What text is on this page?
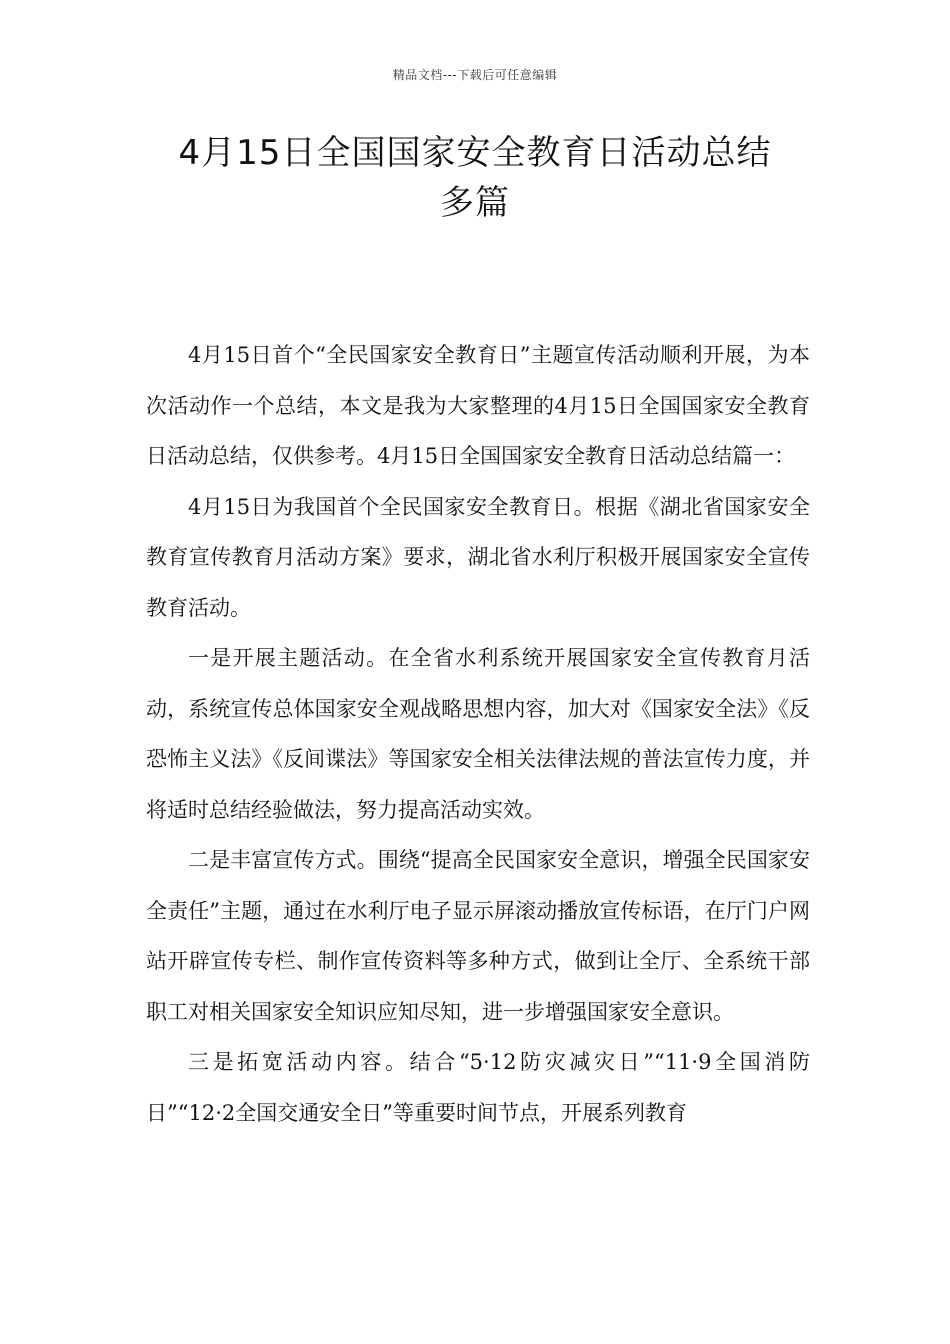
精品文档---下载后可任意编辑
4月15日全国国家安全教育日活动总结
多篇

4月15日首个“全民国家安全教育日”主题宣传活动顺利开展，为本次活动作一个总结，本文是我为大家整理的4月15日全国国家安全教育日活动总结，仅供参考。4月15日全国国家安全教育日活动总结篇一：

4月15日为我国首个全民国家安全教育日。根据《湖北省国家安全教育宣传教育月活动方案》要求，湖北省水利厅积极开展国家安全宣传教育活动。

一是开展主题活动。在全省水利系统开展国家安全宣传教育月活动，系统宣传总体国家安全观战略思想内容，加大对《国家安全法》《反恐怖主义法》《反间谍法》等国家安全相关法律法规的普法宣传力度，并将适时总结经验做法，努力提高活动实效。

二是丰富宣传方式。围绕“提高全民国家安全意识，增强全民国家安全责任”主题，通过在水利厅电子显示屏滚动播放宣传标语，在厅门户网站开辟宣传专栏、制作宣传资料等多种方式，做到让全厅、全系统干部职工对相关国家安全知识应知尽知，进一步增强国家安全意识。

三是拓宽活动内容。结合“5·12防灾减灾日”“11·9全国消防日”“12·2全国交通安全日”等重要时间节点，开展系列教育
